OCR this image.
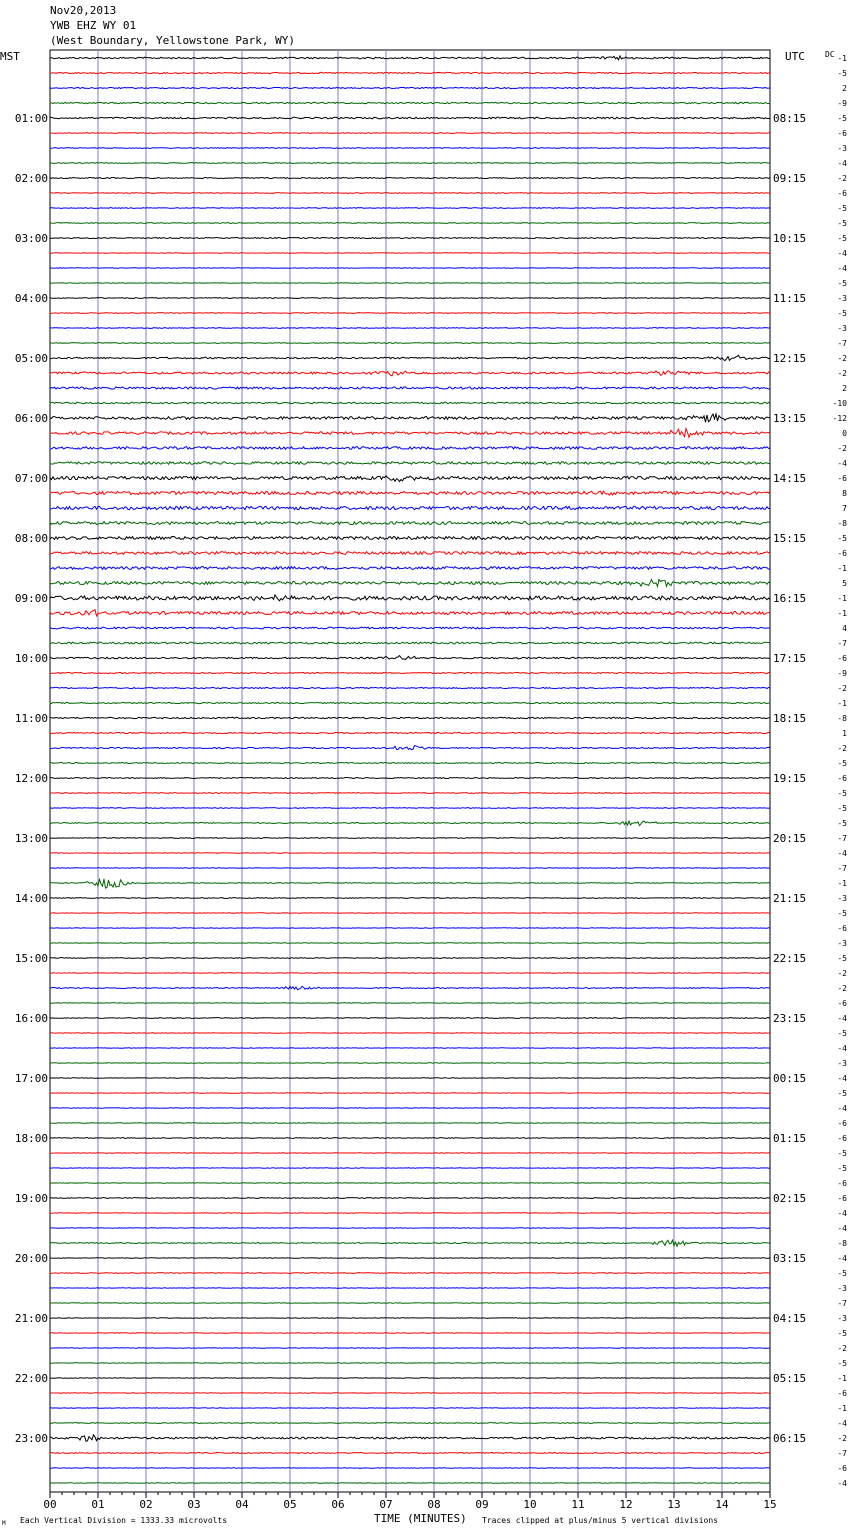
Nov20,2013
YWB EHZ WY 01
(West Boundary, Yellowstone Park, WY)
MST	UTC	DC
00	01	02	03	04	05	06	07	08	09	10	11	12	13	14	15
-1
-5
2
-9
-5
-6
-3
-4
-2
-6
-5
-5
-5
-4
-4
-5
-3
-5
-3
-7
-2
-2
2
-10
-12
0
-2
-4
-6
8
7
-8
-5
-6
-1
5
-1
-1
4
-7
-6
-9
-2
-1
-8
1
-2
-5
-6
-5
-5
-5
-7
-4
-7
-1
-3
-5
-6
-3
-5
-2
-2
-6
-4
-5
-4
-3
-4
-5
-4
-6
-6
-5
-5
-6
-6
-4
-4
-8
-4
-5
-3
-7
-3
-5
-2
-5
-1
-6
-1
-4
-2
-7
-6
-4
01:00
02:00
03:00
04:00
05:00
06:00
07:00
08:00
09:00
10:00
11:00
12:00
13:00
14:00
15:00
16:00
17:00
18:00
19:00
20:00
21:00
22:00
23:00
08:15
09:15
10:15
11:15
12:15
13:15
14:15
15:15
16:15
17:15
18:15
19:15
20:15
21:15
22:15
23:15
00:15
01:15
02:15
03:15
04:15
05:15
06:15
TIME (MINUTES)
Each Vertical Division = 1333.33 microvolts	Traces clipped at plus/minus 5 vertical divisions
M
